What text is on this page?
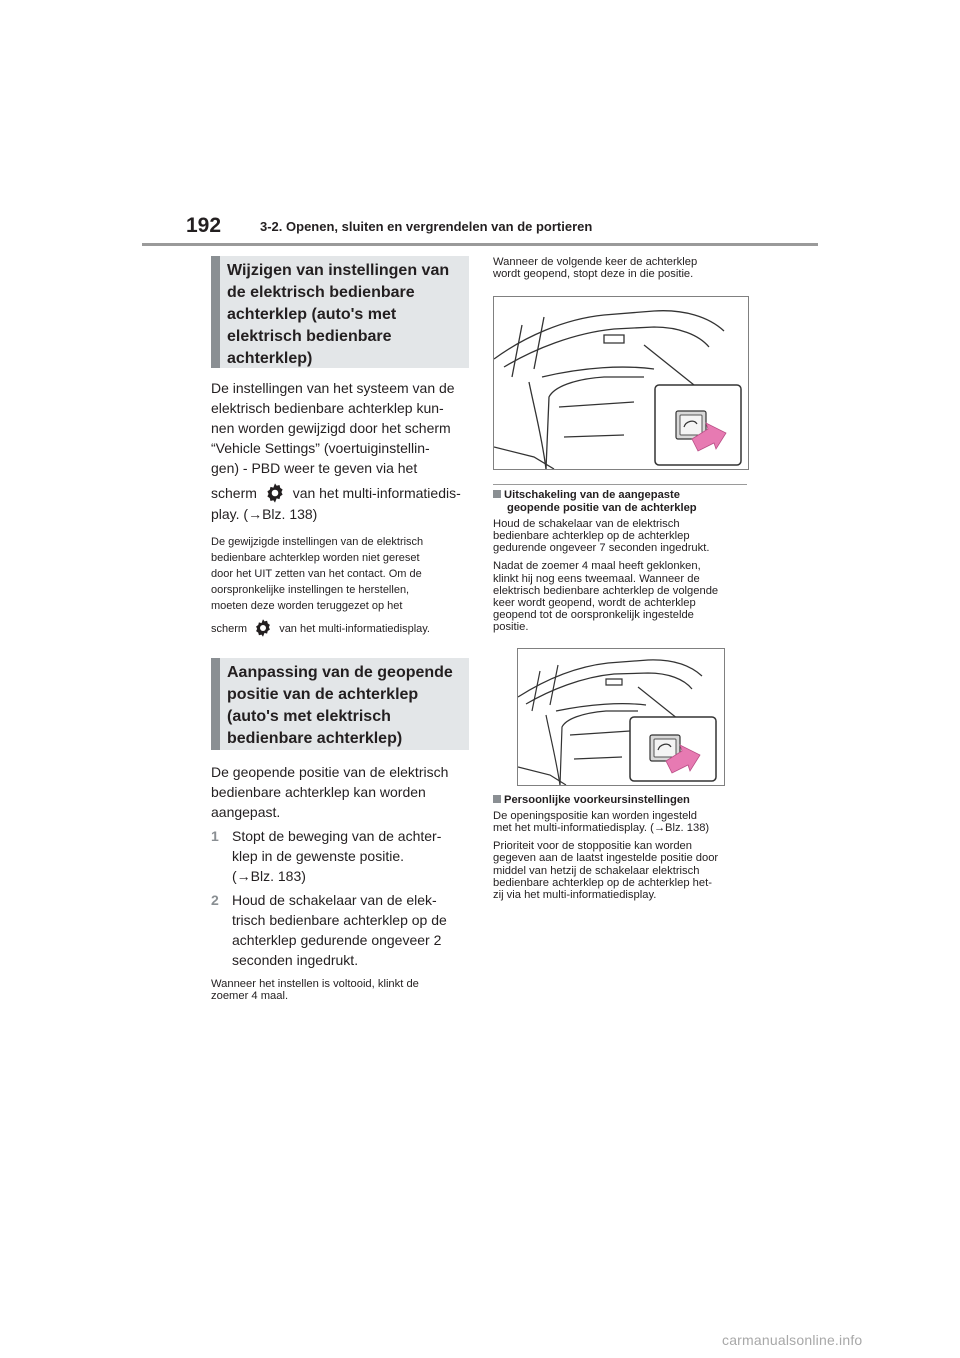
192	3-2. Openen, sluiten en vergrendelen van de portieren
Wijzigen van instellingen van
de elektrisch bedienbare
achterklep (auto's met
elektrisch bedienbare
achterklep)

De instellingen van het systeem van de

elektrisch bedienbare achterklep kun-

nen worden gewijzigd door het scherm

“Vehicle Settings” (voertuiginstellin-

gen) - PBD weer te geven via het

scherm	van het multi-informatiedis-

play. (→Blz. 138)

De gewijzigde instellingen van de elektrisch

bedienbare achterklep worden niet gereset

door het UIT zetten van het contact. Om de

oorspronkelijke instellingen te herstellen,

moeten deze worden teruggezet op het

scherm	van het multi-informatiedisplay.

Aanpassing van de geopende
positie van de achterklep
(auto's met elektrisch
bedienbare achterklep)

De geopende positie van de elektrisch

bedienbare achterklep kan worden

aangepast.

1 Stopt de beweging van de achter-
klep in de gewenste positie.
(→Blz. 183)
2 Houd de schakelaar van de elek-
trisch bedienbare achterklep op de
achterklep gedurende ongeveer 2
seconden ingedrukt.

Wanneer het instellen is voltooid, klinkt de

zoemer 4 maal.

Wanneer de volgende keer de achterklep

wordt geopend, stopt deze in die positie.

Uitschakeling van de aangepaste

geopende positie van de achterklep

Houd de schakelaar van de elektrisch

bedienbare achterklep op de achterklep

gedurende ongeveer 7 seconden ingedrukt.

Nadat de zoemer 4 maal heeft geklonken,

klinkt hij nog eens tweemaal. Wanneer de

elektrisch bedienbare achterklep de volgende

keer wordt geopend, wordt de achterklep

geopend tot de oorspronkelijk ingestelde

positie.

Persoonlijke voorkeursinstellingen

De openingspositie kan worden ingesteld

met het multi-informatiedisplay. (→Blz. 138)

Prioriteit voor de stoppositie kan worden

gegeven aan de laatst ingestelde positie door

middel van hetzij de schakelaar elektrisch

bedienbare achterklep op de achterklep het-

zij via het multi-informatiedisplay.

carmanualsonline.info
